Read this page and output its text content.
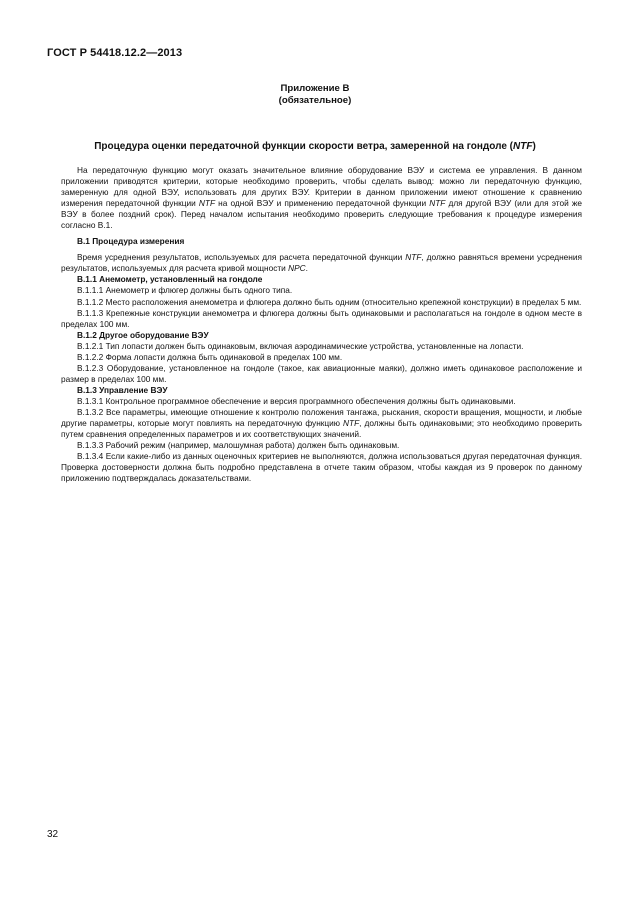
ГОСТ Р 54418.12.2—2013
Приложение В
(обязательное)
Процедура оценки передаточной функции скорости ветра, замеренной на гондоле (NTF)

На передаточную функцию могут оказать значительное влияние оборудование ВЭУ и система ее управления. В данном приложении приводятся критерии, которые необходимо проверить, чтобы сделать вывод: можно ли передаточную функцию, замеренную для одной ВЭУ, использовать для других ВЭУ. Критерии в данном приложении имеют отношение к сравнению измерения передаточной функции NTF на одной ВЭУ и применению передаточной функции NTF для другой ВЭУ (или для этой же ВЭУ в более поздний срок). Перед началом испытания необходимо проверить следующие требования к процедуре измерения согласно В.1.

В.1 Процедура измерения

Время усреднения результатов, используемых для расчета передаточной функции NTF, должно равняться времени усреднения результатов, используемых для расчета кривой мощности NPC.

В.1.1 Анемометр, установленный на гондоле

В.1.1.1 Анемометр и флюгер должны быть одного типа.

В.1.1.2 Место расположения анемометра и флюгера должно быть одним (относительно крепежной конструкции) в пределах 5 мм.

В.1.1.3 Крепежные конструкции анемометра и флюгера должны быть одинаковыми и располагаться на гондоле в одном месте в пределах 100 мм.

В.1.2 Другое оборудование ВЭУ

В.1.2.1 Тип лопасти должен быть одинаковым, включая аэродинамические устройства, установленные на лопасти.

В.1.2.2 Форма лопасти должна быть одинаковой в пределах 100 мм.

В.1.2.3 Оборудование, установленное на гондоле (такое, как авиационные маяки), должно иметь одинаковое расположение и размер в пределах 100 мм.

В.1.3 Управление ВЭУ

В.1.3.1 Контрольное программное обеспечение и версия программного обеспечения должны быть одинаковыми.

В.1.3.2 Все параметры, имеющие отношение к контролю положения тангажа, рыскания, скорости вращения, мощности, и любые другие параметры, которые могут повлиять на передаточную функцию NTF, должны быть одинаковыми; это необходимо проверить путем сравнения определенных параметров и их соответствующих значений.

В.1.3.3 Рабочий режим (например, малошумная работа) должен быть одинаковым.

В.1.3.4 Если какие-либо из данных оценочных критериев не выполняются, должна использоваться другая передаточная функция. Проверка достоверности должна быть подробно представлена в отчете таким образом, чтобы каждая из 9 проверок по данному приложению подтверждалась доказательствами.

32
